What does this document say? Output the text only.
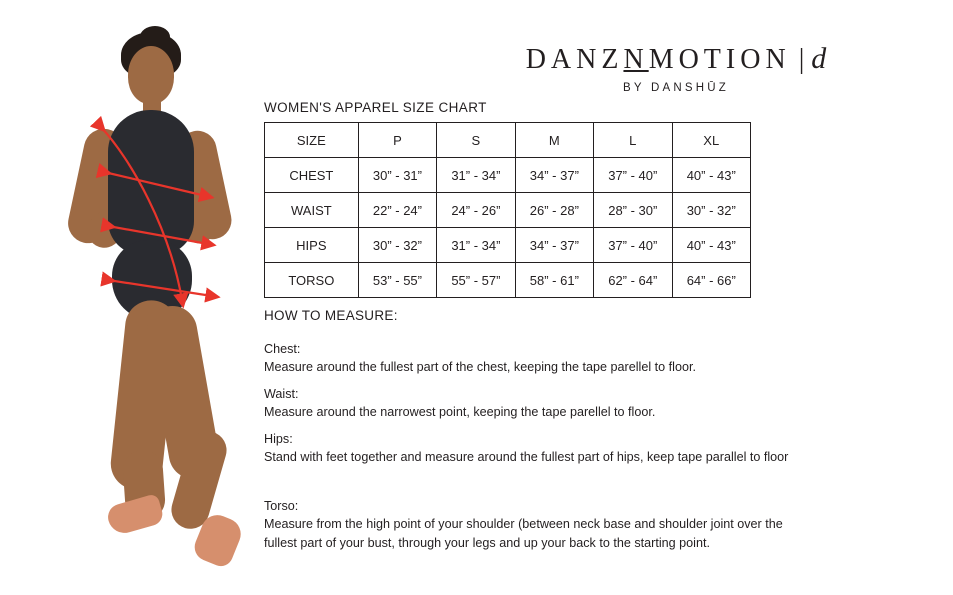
DANZNMOTION |d
BY DANSHŪZ
WOMEN'S APPAREL SIZE CHART
SIZE	P	S	M	L	XL
CHEST	30” - 31”	31” - 34”	34” - 37”	37” - 40”	40” - 43”
WAIST	22” - 24”	24” - 26”	26” - 28”	28” - 30”	30” - 32”
HIPS	30” - 32”	31” - 34”	34” - 37”	37” - 40”	40” - 43”
TORSO	53” - 55”	55” - 57”	58” - 61”	62” - 64”	64” - 66”
HOW TO MEASURE:
Chest:
Measure around the fullest part of the chest, keeping the tape parellel to floor.
Waist:
Measure around the narrowest point, keeping the tape parellel to floor.
Hips:
Stand with feet together and measure around the fullest part of hips, keep tape parallel to floor
Torso:
Measure from the high point of your shoulder (between neck base and shoulder joint over the fullest part of your bust, through your legs and up your back to the starting point.
